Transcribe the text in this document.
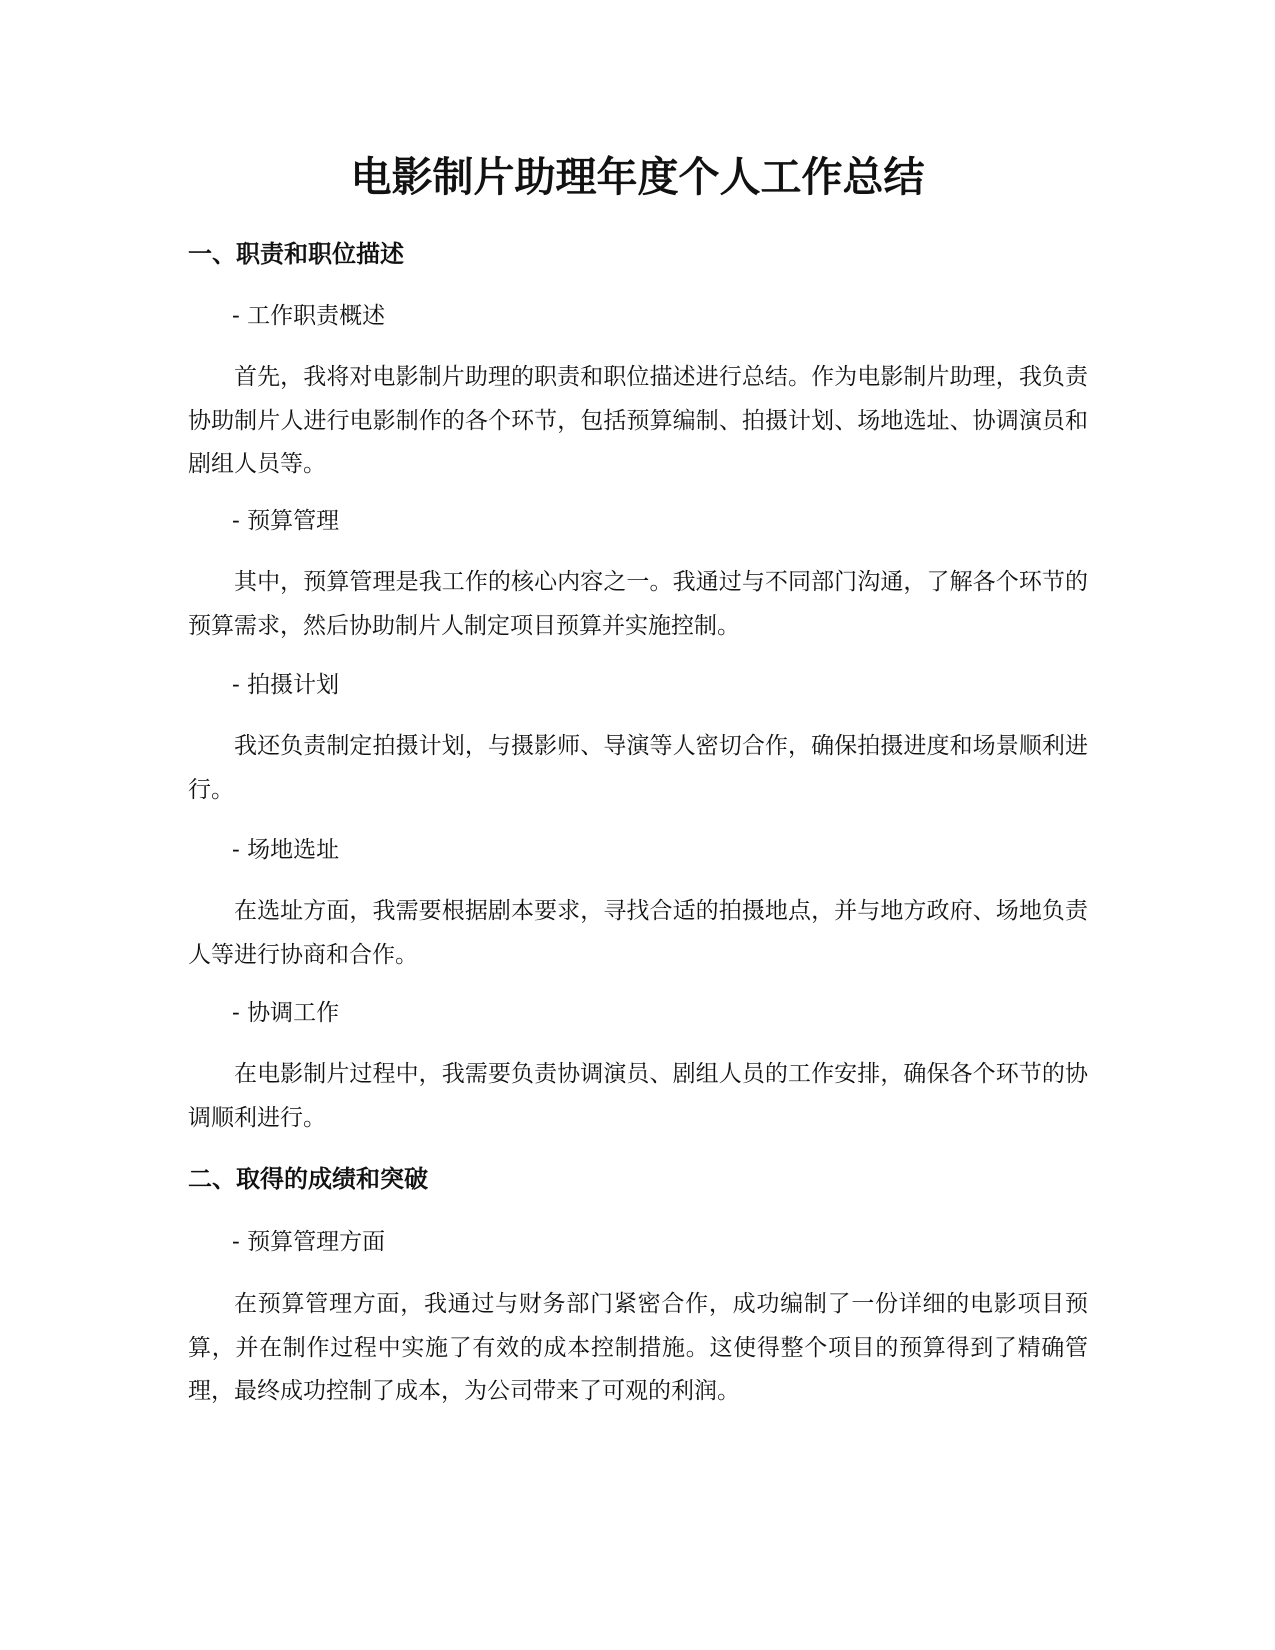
电影制片助理年度个人工作总结
一、职责和职位描述
- 工作职责概述

首先，我将对电影制片助理的职责和职位描述进行总结。作为电影制片助理，我负责协助制片人进行电影制作的各个环节，包括预算编制、拍摄计划、场地选址、协调演员和剧组人员等。

- 预算管理

其中，预算管理是我工作的核心内容之一。我通过与不同部门沟通，了解各个环节的预算需求，然后协助制片人制定项目预算并实施控制。

- 拍摄计划

我还负责制定拍摄计划，与摄影师、导演等人密切合作，确保拍摄进度和场景顺利进行。

- 场地选址

在选址方面，我需要根据剧本要求，寻找合适的拍摄地点，并与地方政府、场地负责人等进行协商和合作。

- 协调工作

在电影制片过程中，我需要负责协调演员、剧组人员的工作安排，确保各个环节的协调顺利进行。

二、取得的成绩和突破
- 预算管理方面

在预算管理方面，我通过与财务部门紧密合作，成功编制了一份详细的电影项目预算，并在制作过程中实施了有效的成本控制措施。这使得整个项目的预算得到了精确管理，最终成功控制了成本，为公司带来了可观的利润。
